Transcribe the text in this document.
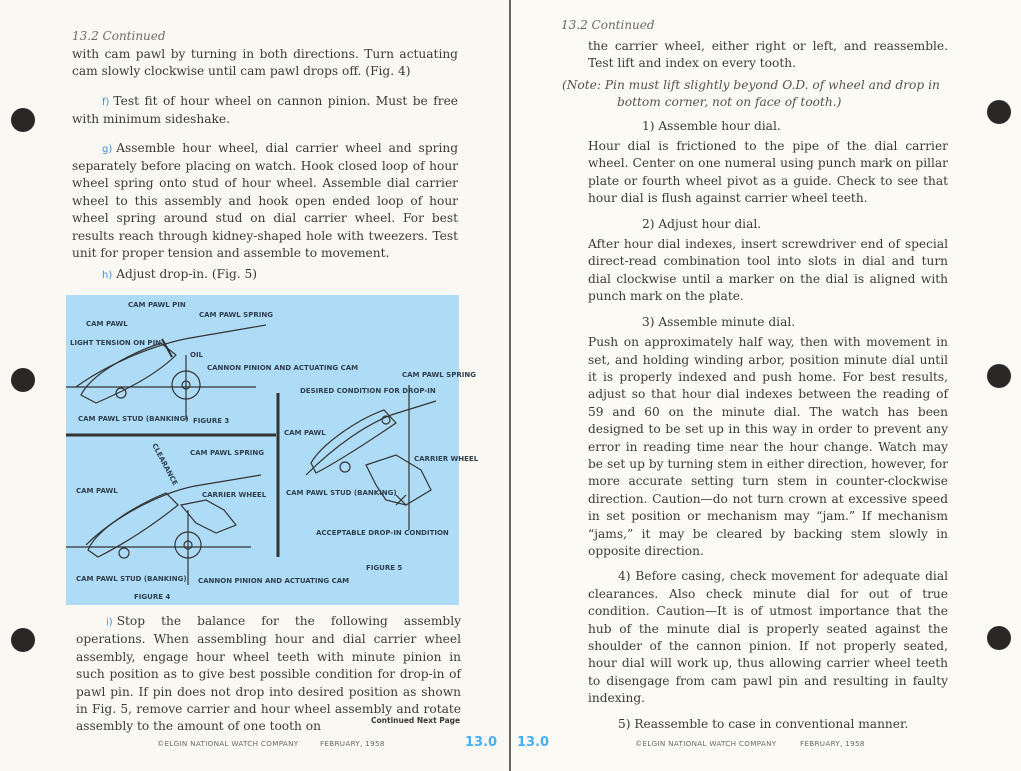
13.2 Continued

with cam pawl by turning in both directions. Turn actuating cam slowly clockwise until cam pawl drops off. (Fig. 4)

f) Test fit of hour wheel on cannon pinion. Must be free with minimum sideshake.

g) Assemble hour wheel, dial carrier wheel and spring separately before placing on watch. Hook closed loop of hour wheel spring onto stud of hour wheel. Assemble dial carrier wheel to this assembly and hook open ended loop of hour wheel spring around stud on dial carrier wheel. For best results reach through kidney-shaped hole with tweezers. Test unit for proper tension and assemble to movement.

h) Adjust drop-in. (Fig. 5)

CAM PAWL PIN
CAM PAWL
CAM PAWL SPRING
LIGHT TENSION ON PIN
OIL
CANNON PINION AND ACTUATING CAM
CAM PAWL STUD (BANKING) FIGURE 3
CAM PAWL SPRING
CAM PAWL	CARRIER WHEEL
CLEARANCE
CAM PAWL STUD (BANKING) CANNON PINION AND ACTUATING CAM
FIGURE 4
DESIRED CONDITION FOR DROP-IN
CAM PAWL SPRING
CAM PAWL
CARRIER WHEEL
CAM PAWL STUD (BANKING)
ACCEPTABLE DROP-IN CONDITION
FIGURE 5

i) Stop the balance for the following assembly operations. When assembling hour and dial carrier wheel assembly, engage hour wheel teeth with minute pinion in such position as to give best possible condition for drop-in of pawl pin. If pin does not drop into desired position as shown in Fig. 5, remove carrier and hour wheel assembly and rotate assembly to the amount of one tooth on	Continued Next Page
©ELGIN NATIONAL WATCH COMPANY	FEBRUARY, 1958	13.0
13.2 Continued

the carrier wheel, either right or left, and reassemble. Test lift and index on every tooth.

(Note: Pin must lift slightly beyond O.D. of wheel and drop in
bottom corner, not on face of tooth.)

1) Assemble hour dial.

Hour dial is frictioned to the pipe of the dial carrier wheel. Center on one numeral using punch mark on pillar plate or fourth wheel pivot as a guide. Check to see that hour dial is flush against carrier wheel teeth.

2) Adjust hour dial.

After hour dial indexes, insert screwdriver end of special direct-read combination tool into slots in dial and turn dial clockwise until a marker on the dial is aligned with punch mark on the plate.

3) Assemble minute dial.

Push on approximately half way, then with movement in set, and holding winding arbor, position minute dial until it is properly indexed and push home. For best results, adjust so that hour dial indexes between the reading of 59 and 60 on the minute dial. The watch has been designed to be set up in this way in order to prevent any error in reading time near the hour change. Watch may be set up by turning stem in either direction, however, for more accurate setting turn stem in counter-clockwise direction. Caution—do not turn crown at excessive speed in set position or mechanism may “jam.” If mechanism “jams,” it may be cleared by backing stem slowly in opposite direction.

4) Before casing, check movement for adequate dial clearances. Also check minute dial for out of true condition. Caution—It is of utmost importance that the hub of the minute dial is properly seated against the shoulder of the cannon pinion. If not properly seated, hour dial will work up, thus allowing carrier wheel teeth to disengage from cam pawl pin and resulting in faulty indexing.

5) Reassemble to case in conventional manner.

13.0	©ELGIN NATIONAL WATCH COMPANY	FEBRUARY, 1958
